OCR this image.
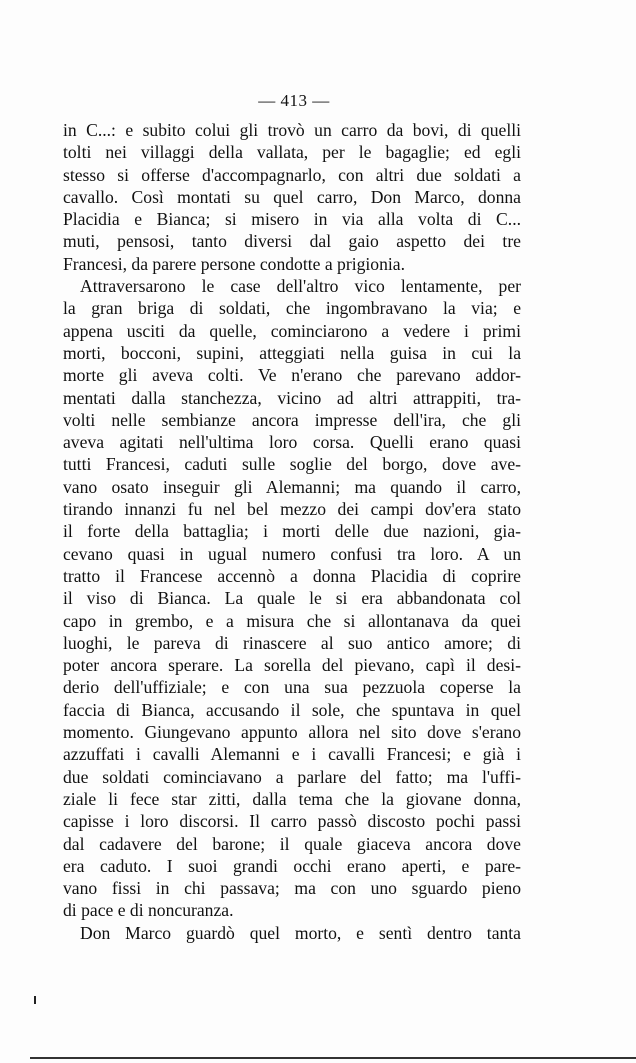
— 413 —
in C...: e subito colui gli trovò un carro da bovi, di quelli
tolti nei villaggi della vallata, per le bagaglie; ed egli
stesso si offerse d'accompagnarlo, con altri due soldati a
cavallo. Così montati su quel carro, Don Marco, donna
Placidia e Bianca; si misero in via alla volta di C...
muti, pensosi, tanto diversi dal gaio aspetto dei tre
Francesi, da parere persone condotte a prigionia.
Attraversarono le case dell'altro vico lentamente, per
la gran briga di soldati, che ingombravano la via; e
appena usciti da quelle, cominciarono a vedere i primi
morti, bocconi, supini, atteggiati nella guisa in cui la
morte gli aveva colti. Ve n'erano che parevano addor-
mentati dalla stanchezza, vicino ad altri attrappiti, tra-
volti nelle sembianze ancora impresse dell'ira, che gli
aveva agitati nell'ultima loro corsa. Quelli erano quasi
tutti Francesi, caduti sulle soglie del borgo, dove ave-
vano osato inseguir gli Alemanni; ma quando il carro,
tirando innanzi fu nel bel mezzo dei campi dov'era stato
il forte della battaglia; i morti delle due nazioni, gia-
cevano quasi in ugual numero confusi tra loro. A un
tratto il Francese accennò a donna Placidia di coprire
il viso di Bianca. La quale le si era abbandonata col
capo in grembo, e a misura che si allontanava da quei
luoghi, le pareva di rinascere al suo antico amore; di
poter ancora sperare. La sorella del pievano, capì il desi-
derio dell'uffiziale; e con una sua pezzuola coperse la
faccia di Bianca, accusando il sole, che spuntava in quel
momento. Giungevano appunto allora nel sito dove s'erano
azzuffati i cavalli Alemanni e i cavalli Francesi; e già i
due soldati cominciavano a parlare del fatto; ma l'uffi-
ziale li fece star zitti, dalla tema che la giovane donna,
capisse i loro discorsi. Il carro passò discosto pochi passi
dal cadavere del barone; il quale giaceva ancora dove
era caduto. I suoi grandi occhi erano aperti, e pare-
vano fissi in chi passava; ma con uno sguardo pieno
di pace e di noncuranza.
Don Marco guardò quel morto, e sentì dentro tanta
